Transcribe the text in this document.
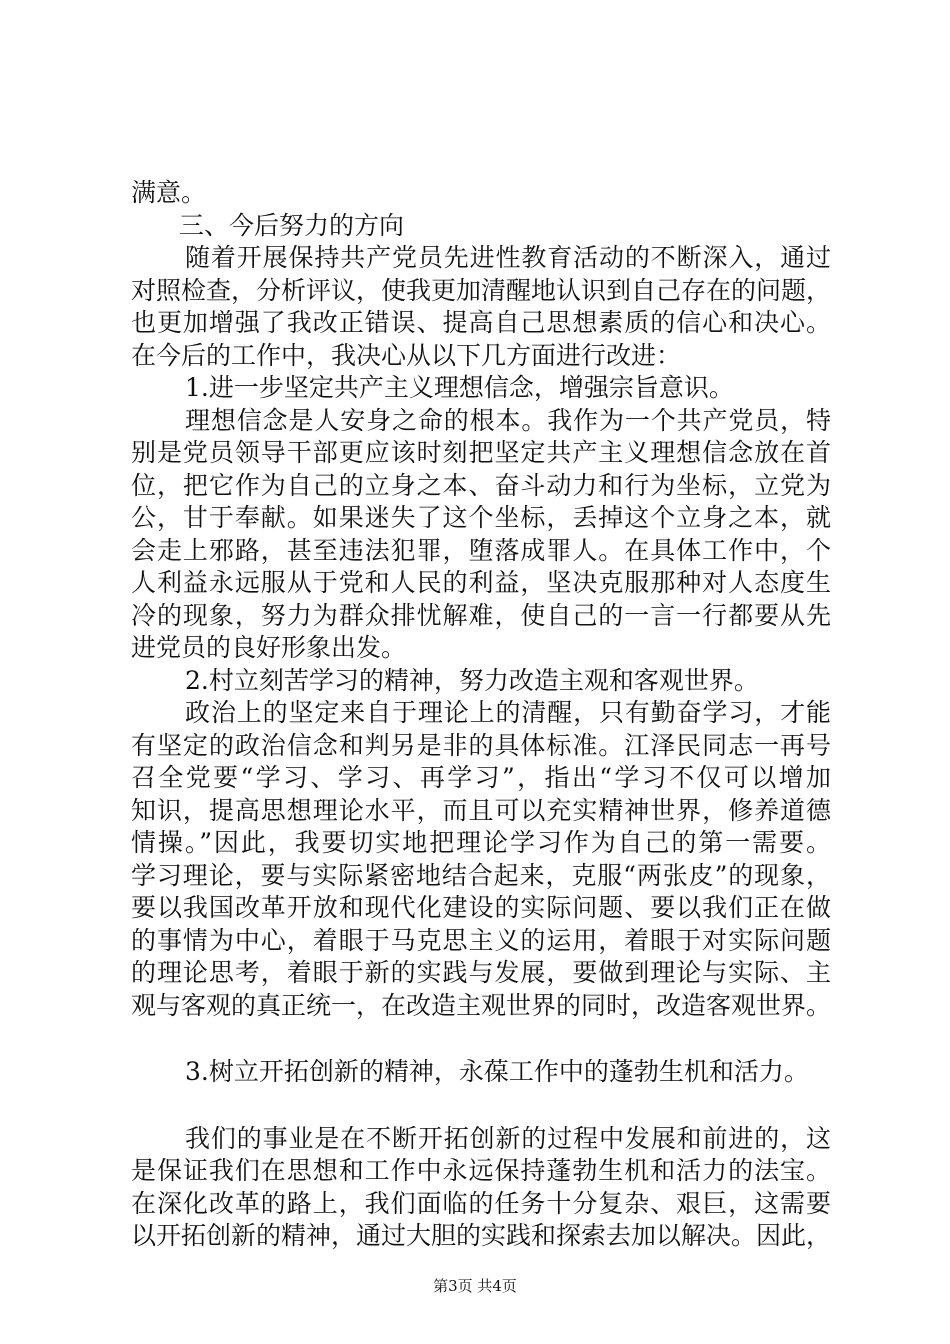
满意。
三、今后努力的方向
随着开展保持共产党员先进性教育活动的不断深入，通过
对照检查，分析评议，使我更加清醒地认识到自己存在的问题，
也更加增强了我改正错误、提高自己思想素质的信心和决心。
在今后的工作中，我决心从以下几方面进行改进：
1.进一步坚定共产主义理想信念，增强宗旨意识。
理想信念是人安身之命的根本。我作为一个共产党员，特
别是党员领导干部更应该时刻把坚定共产主义理想信念放在首
位，把它作为自己的立身之本、奋斗动力和行为坐标，立党为
公，甘于奉献。如果迷失了这个坐标，丢掉这个立身之本，就
会走上邪路，甚至违法犯罪，堕落成罪人。在具体工作中，个
人利益永远服从于党和人民的利益，坚决克服那种对人态度生
冷的现象，努力为群众排忧解难，使自己的一言一行都要从先
进党员的良好形象出发。
2.村立刻苦学习的精神，努力改造主观和客观世界。
政治上的坚定来自于理论上的清醒，只有勤奋学习，才能
有坚定的政治信念和判另是非的具体标准。江泽民同志一再号
召全党要“学习、学习、再学习”，指出“学习不仅可以增加
知识，提高思想理论水平，而且可以充实精神世界，修养道德
情操。”因此，我要切实地把理论学习作为自己的第一需要。
学习理论，要与实际紧密地结合起来，克服“两张皮”的现象，
要以我国改革开放和现代化建设的实际问题、要以我们正在做
的事情为中心，着眼于马克思主义的运用，着眼于对实际问题
的理论思考，着眼于新的实践与发展，要做到理论与实际、主
观与客观的真正统一，在改造主观世界的同时，改造客观世界。
3.树立开拓创新的精神，永葆工作中的蓬勃生机和活力。
我们的事业是在不断开拓创新的过程中发展和前进的，这
是保证我们在思想和工作中永远保持蓬勃生机和活力的法宝。
在深化改革的路上，我们面临的任务十分复杂、艰巨，这需要
以开拓创新的精神，通过大胆的实践和探索去加以解决。因此，
第3页 共4页
